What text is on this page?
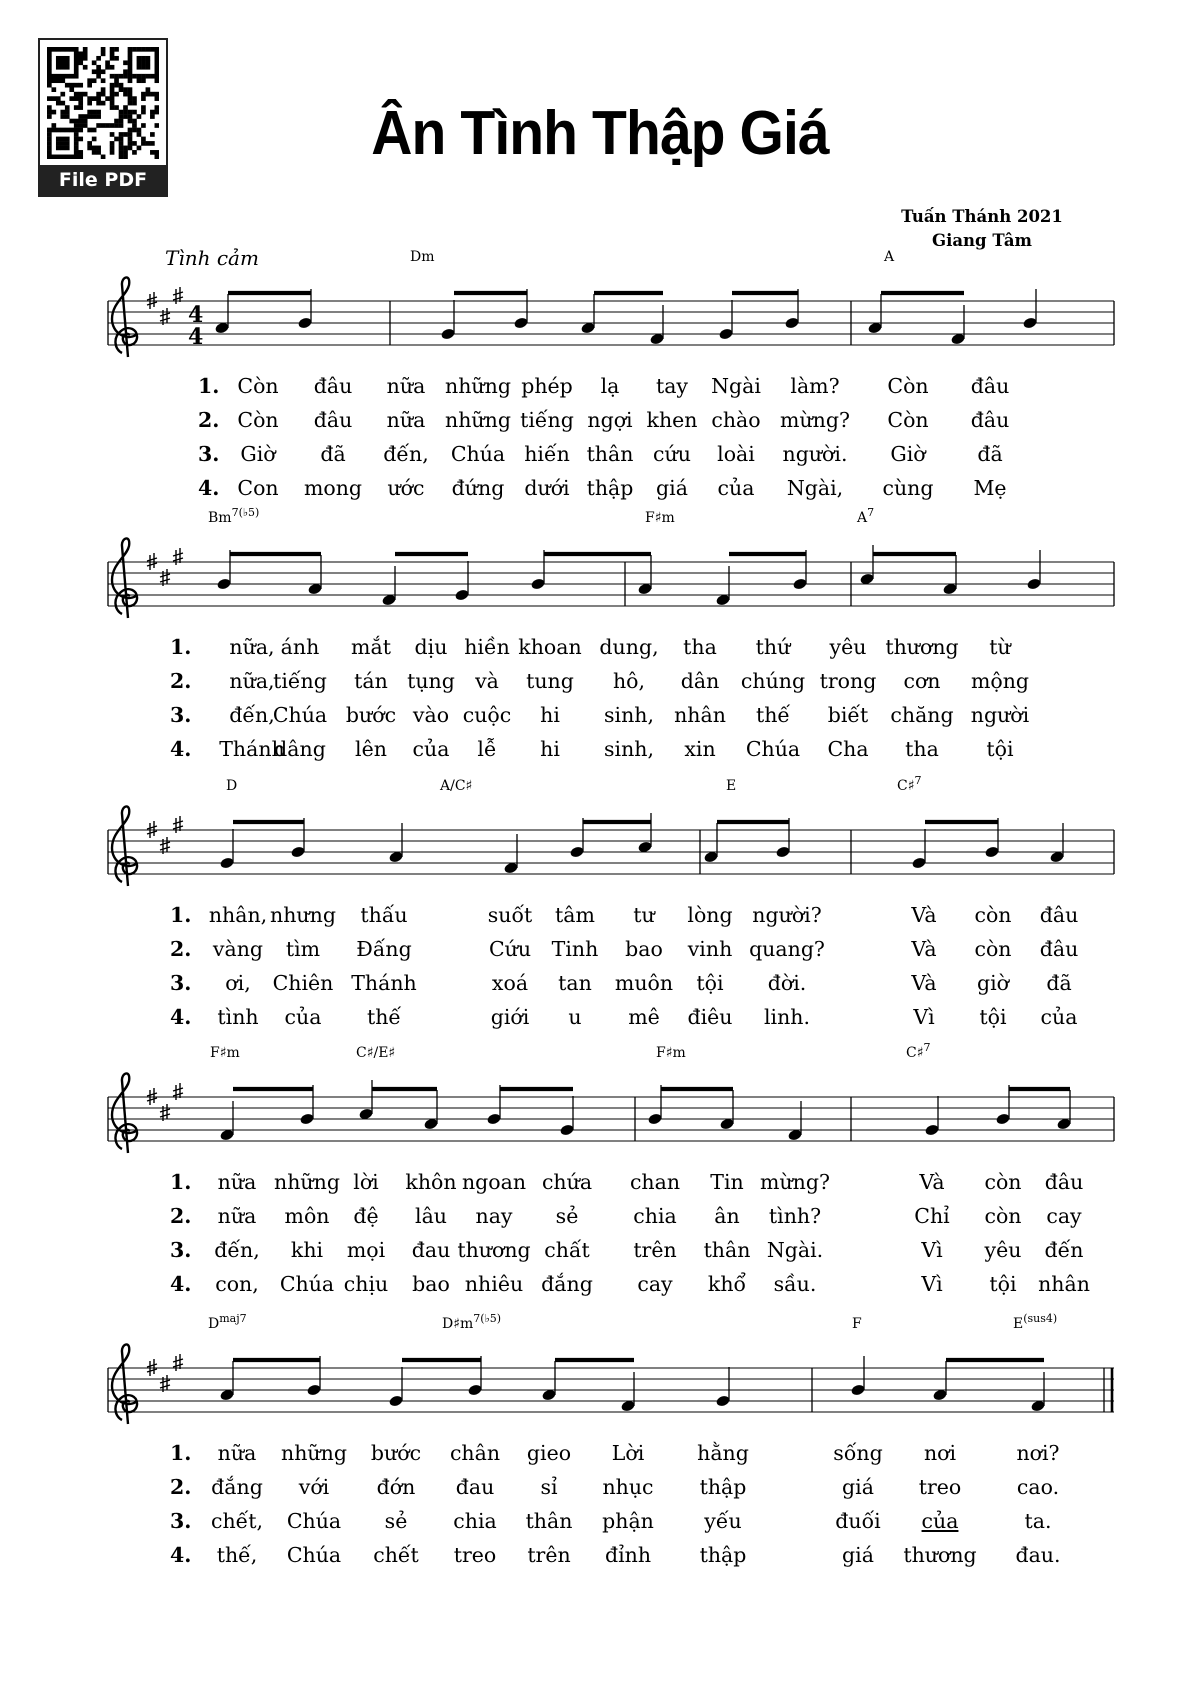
File PDF
Ân Tình Thập Giá
Tuấn Thánh 2021
Giang Tâm
Tình cảm
4
4
Dm	A
$Bm^{7(♭5)}$	F♯m	$A^7$
D	A/C♯	E	C♯$^7$
F♯m	C♯/E♯	F♯m	C♯$^7$
$D^{maj7}$	$D♯m^{7(♭5)}$	F	$E^{(sus4)}$
1. Còn đâu nữa những phép lạ tay Ngài làm? Còn đâu
2. Còn đâu nữa những tiếng ngợi khen chào mừng? Còn đâu
3. Giờ đã đến, Chúa hiến thân cứu loài người. Giờ	đã
4. Con mong ước đứng dưới thập giá của Ngài, cùng Mẹ
1. nữa, ánh mắt dịu hiền khoan dung, tha thứ yêu thương từ
2. nữa,
tiếng tán tụng và tung hô, dân chúng trong cơn mộng
3. đến,
Chúa bước vào cuộc hi sinh, nhân thế biết chăng người
4. Thánh
dâng lên của lễ hi sinh, xin Chúa Cha tha tội
1. nhân, nhưng thấu	suốt tâm tư lòng người?	Và còn đâu
2. vàng tìm Đấng	Cứu Tinh bao vinh quang?	Và còn đâu
3. ơi, Chiên Thánh	xoá tan muôn tội đời.	Và giờ đã
4. tình của thế	giới u mê điêu linh.	Vì tội của
1. nữa những lời khôn ngoan chứa chan Tin mừng?	Và còn đâu
2. nữa môn đệ lâu nay sẻ	chia ân tình?	Chỉ còn cay
3. đến, khi mọi đau thương chất trên thân Ngài.	Vì yêu đến
4. con, Chúa chịu bao nhiêu đắng cay khổ sầu.	Vì tội nhân
1. nữa những bước chân gieo Lời	hằng	sống nơi	nơi?
2. đắng với đớn đau sỉ nhục thập	giá treo	cao.
3. chết, Chúa sẻ chia thân phận yếu	đuối của	ta.
4. thế, Chúa chết treo trên đỉnh thập	giá thương đau.
